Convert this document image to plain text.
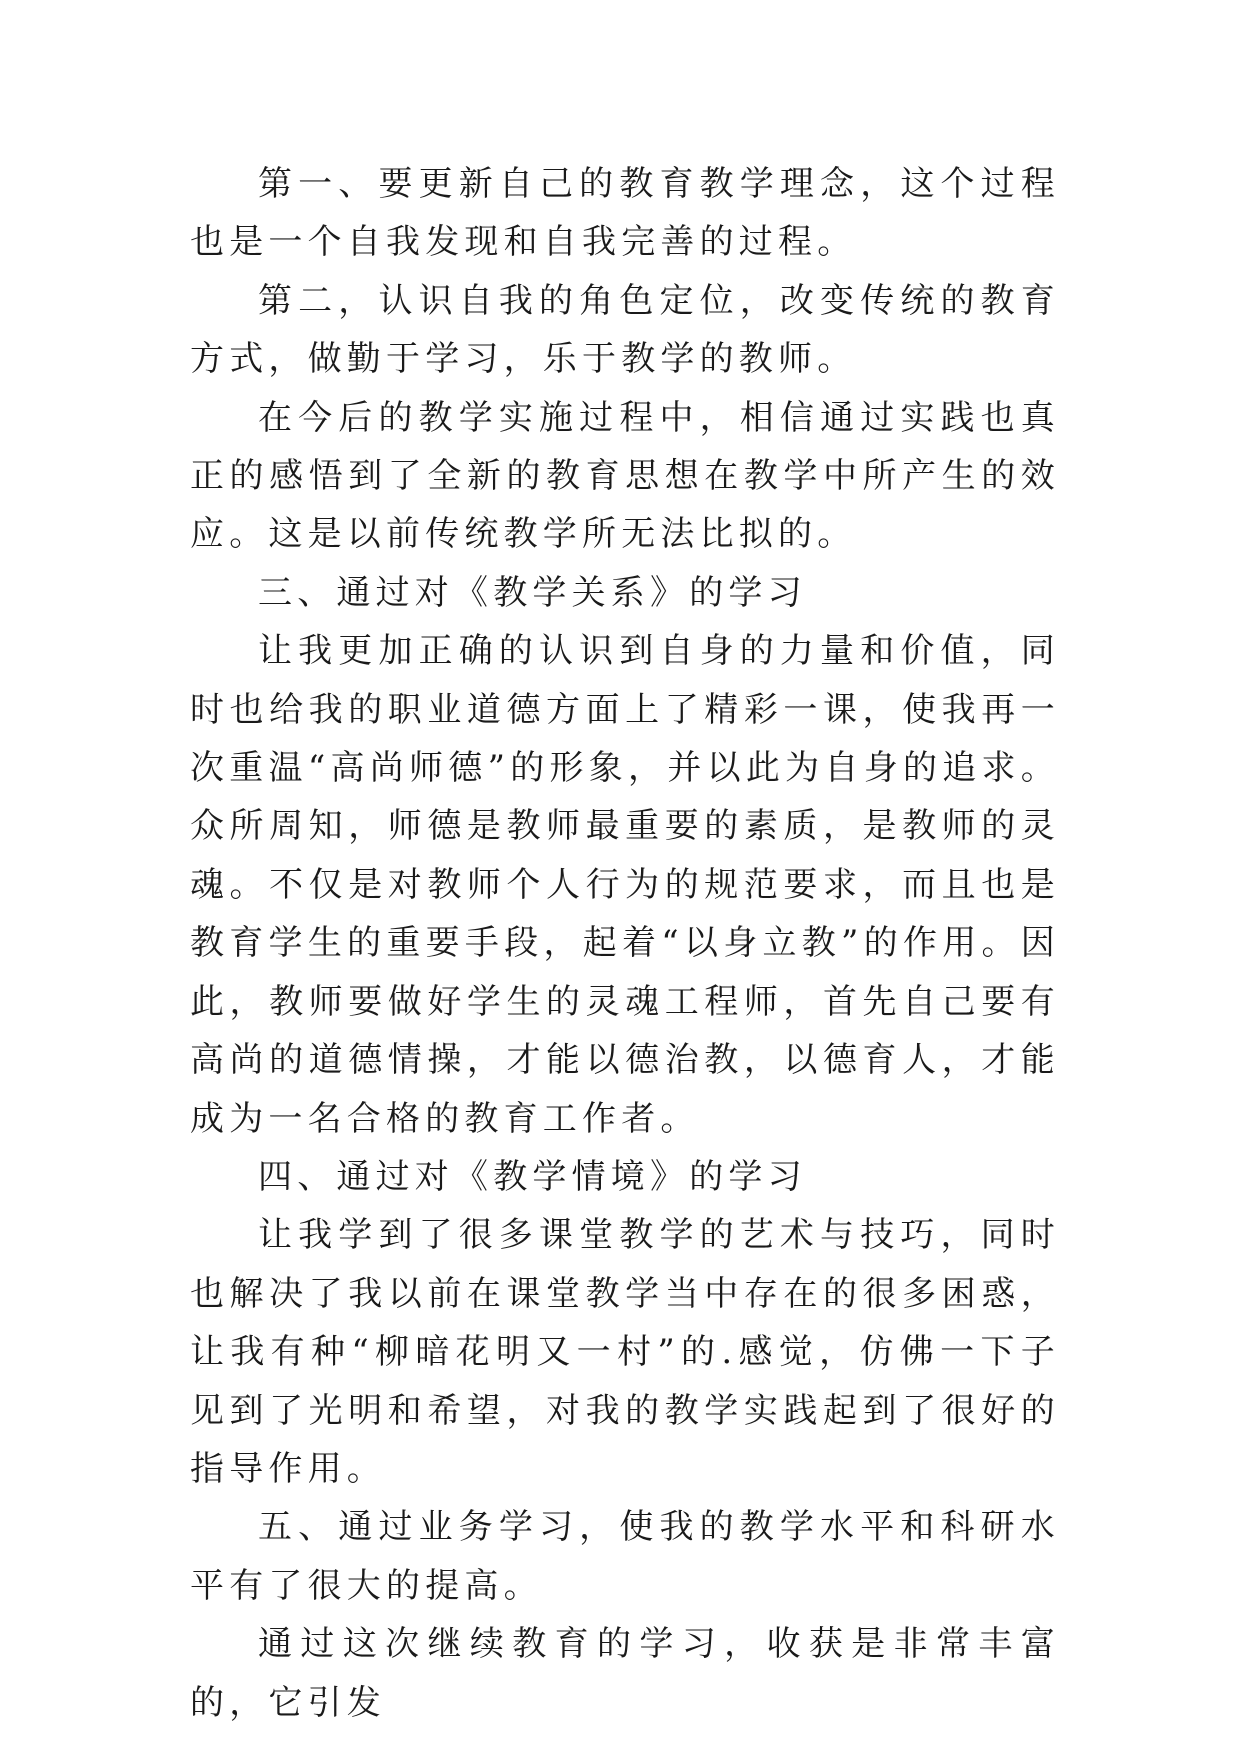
第一、要更新自己的教育教学理念，这个过程也是一个自我发现和自我完善的过程。

第二，认识自我的角色定位，改变传统的教育方式，做勤于学习，乐于教学的教师。

在今后的教学实施过程中，相信通过实践也真正的感悟到了全新的教育思想在教学中所产生的效应。这是以前传统教学所无法比拟的。

三、通过对《教学关系》的学习

让我更加正确的认识到自身的力量和价值，同时也给我的职业道德方面上了精彩一课，使我再一次重温“高尚师德”的形象，并以此为自身的追求。众所周知，师德是教师最重要的素质，是教师的灵魂。不仅是对教师个人行为的规范要求，而且也是教育学生的重要手段，起着“以身立教”的作用。因此，教师要做好学生的灵魂工程师，首先自己要有高尚的道德情操，才能以德治教，以德育人，才能成为一名合格的教育工作者。

四、通过对《教学情境》的学习

让我学到了很多课堂教学的艺术与技巧，同时也解决了我以前在课堂教学当中存在的很多困惑，让我有种“柳暗花明又一村”的.感觉，仿佛一下子见到了光明和希望，对我的教学实践起到了很好的指导作用。

五、通过业务学习，使我的教学水平和科研水平有了很大的提高。

通过这次继续教育的学习，收获是非常丰富的，它引发
